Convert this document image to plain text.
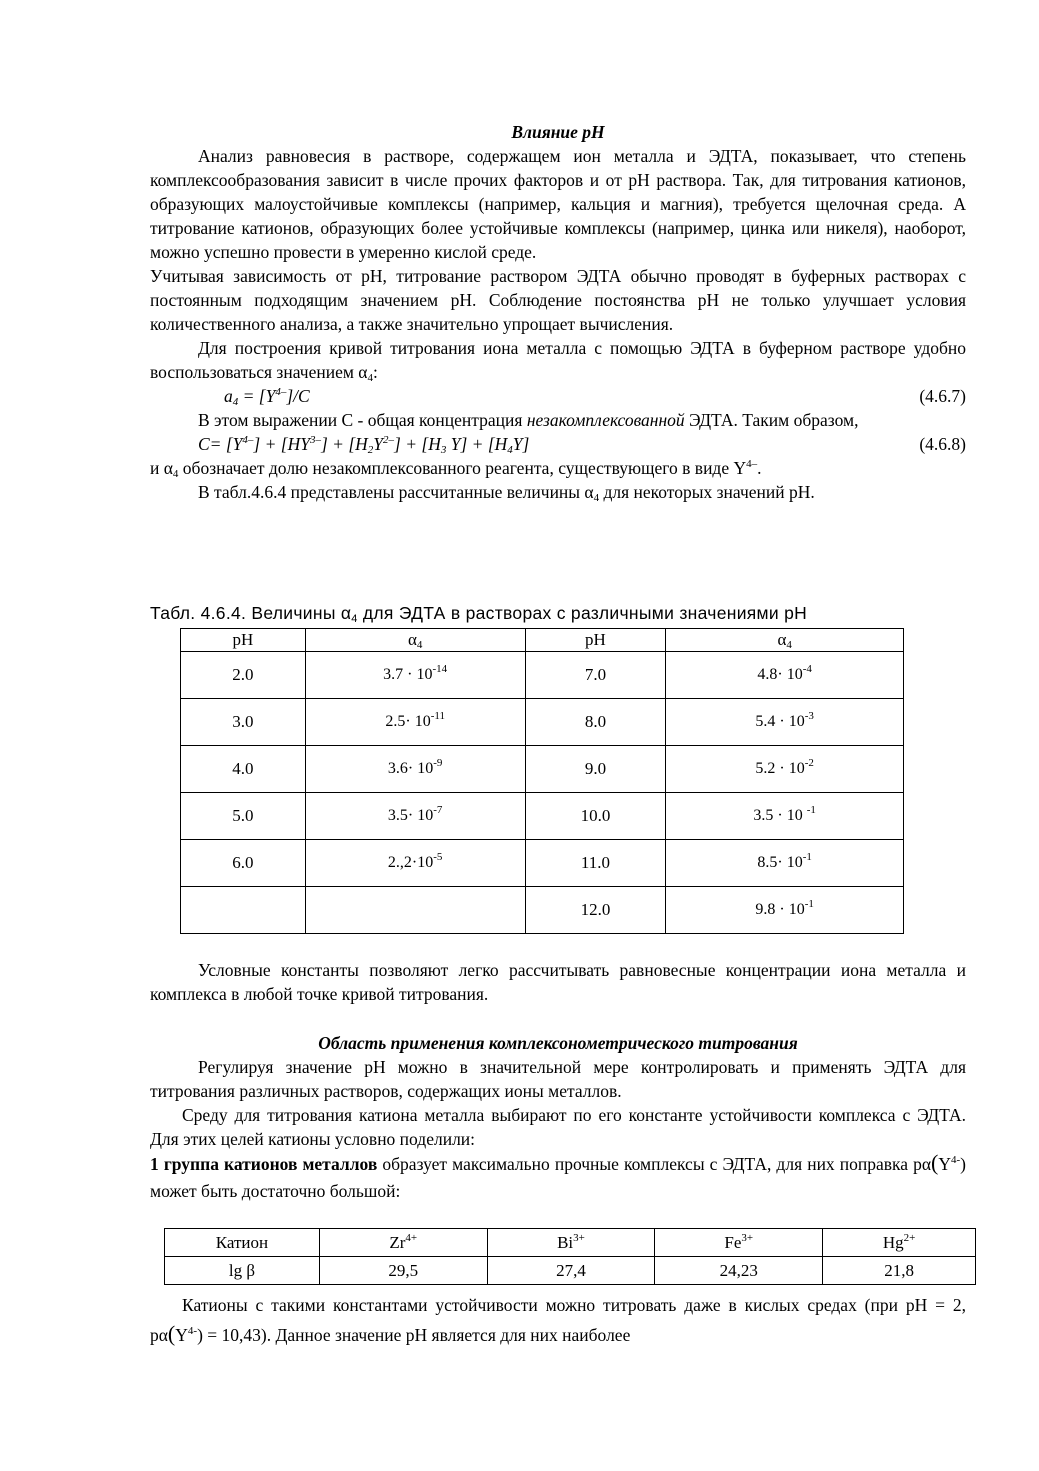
Влияние рН

Анализ равновесия в растворе, содержащем ион металла и ЭДТА, показывает, что степень комплексообразования зависит в числе прочих факторов и от рН раствора. Так, для титрования катионов, образующих малоустойчивые комплексы (например, кальция и магния), требуется щелочная среда. А титрование катионов, образующих более устойчивые комплексы (например, цинка или никеля), наоборот, можно успешно провести в умеренно кислой среде.

Учитывая зависимость от рН, титрование раствором ЭДТА обычно проводят в буферных растворах с постоянным подходящим значением рН. Соблюдение постоянства рН не только улучшает условия количественного анализа, а также значительно упрощает вычисления.

Для построения кривой титрования иона металла с помощью ЭДТА в буферном растворе удобно воспользоваться значением $\alpha_4$:

$a_4 = [Y^{4-}]/C$	(4.6.7)

В этом выражении С - общая концентрация незакомплексованной ЭДТА. Таким образом,

$C= [Y^{4-}] + [HY^{3-}] + [H_2Y^{2-}] + [H_3$ $Y] + [H_4Y]$	(4.6.8)

и $\alpha_4$ обозначает долю незакомплексованного реагента, существующего в виде $Y^{4-}$.

В табл.4.6.4 представлены рассчитанные величины $\alpha_4$ для некоторых значений рН.

Табл. 4.6.4. Величины $\alpha_4$ для ЭДТА в растворах с различными значениями рН
рН	$\alpha_4$	рН	$\alpha_4$
2.0	$3.7 \cdot 10^{-14}$	7.0	$4.8\cdot 10^{-4}$
3.0	$2.5\cdot 10^{-11}$	8.0	$5.4 \cdot 10^{-3}$
4.0	$3.6\cdot 10^{-9}$	9.0	$5.2 \cdot 10^{-2}$
5.0	$3.5\cdot 10^{-7}$	10.0	3.5 · 10 $^{-1}$
6.0	$2.,2\cdot 10^{-5}$	11.0	$8.5\cdot 10^{-1}$
		12.0	$9.8 \cdot 10^{-1}$

Условные константы позволяют легко рассчитывать равновесные концентрации иона металла и комплекса в любой точке кривой титрования.

Область применения комплексонометрического титрования

Регулируя значение рН можно в значительной мере контролировать и применять ЭДТА для титрования различных растворов, содержащих ионы металлов.

Среду для титрования катиона металла выбирают по его константе устойчивости комплекса с ЭДТА. Для этих целей катионы условно поделили:

1 группа катионов металлов образует максимально прочные комплексы с ЭДТА, для них поправка $p\alpha(Y^{4-})$ может быть достаточно большой:

Катион	$Zr^{4+}$	$Bi^{3+}$	$Fe^{3+}$	$Hg^{2+}$
lg β	29,5	27,4	24,23	21,8

Катионы с такими константами устойчивости можно титровать даже в кислых средах (при рН = 2, $p\alpha(Y^{4-}) = 10,43$). Данное значение рН является для них наиболее
